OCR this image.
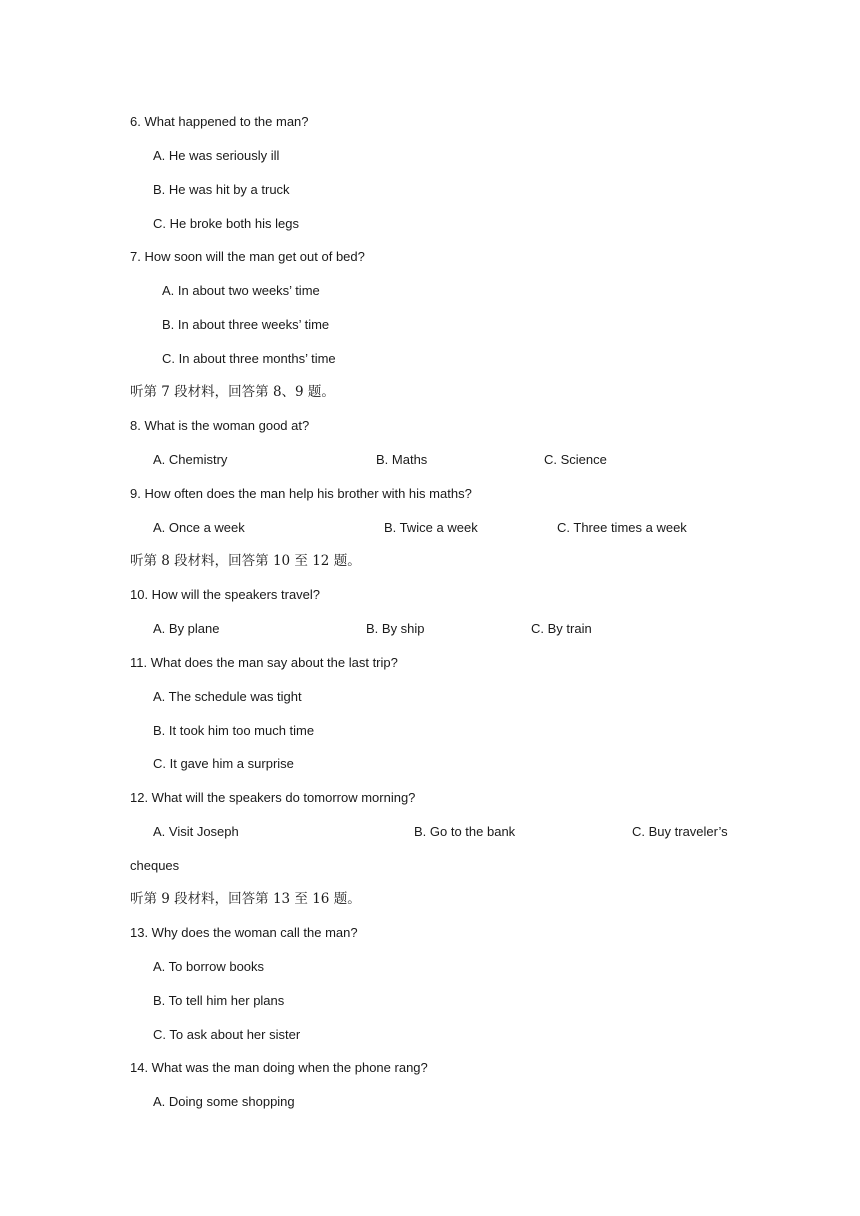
6. What happened to the man?
A. He was seriously ill
B. He was hit by a truck
C. He broke both his legs
7. How soon will the man get out of bed?
A. In about two weeks’ time
B. In about three weeks’ time
C. In about three months’ time
听第 7 段材料，回答第 8、9 题。
8. What is the woman good at?
A. Chemistry	B. Maths	C. Science
9. How often does the man help his brother with his maths?
A. Once a week	B. Twice a week	C. Three times a week
听第 8 段材料，回答第 10 至 12 题。
10. How will the speakers travel?
A. By plane	B. By ship	C. By train
11. What does the man say about the last trip?
A. The schedule was tight
B. It took him too much time
C. It gave him a surprise
12. What will the speakers do tomorrow morning?
A. Visit Joseph	B. Go to the bank	C. Buy traveler’s
cheques
听第 9 段材料，回答第 13 至 16 题。
13. Why does the woman call the man?
A. To borrow books
B. To tell him her plans
C. To ask about her sister
14. What was the man doing when the phone rang?
A. Doing some shopping
